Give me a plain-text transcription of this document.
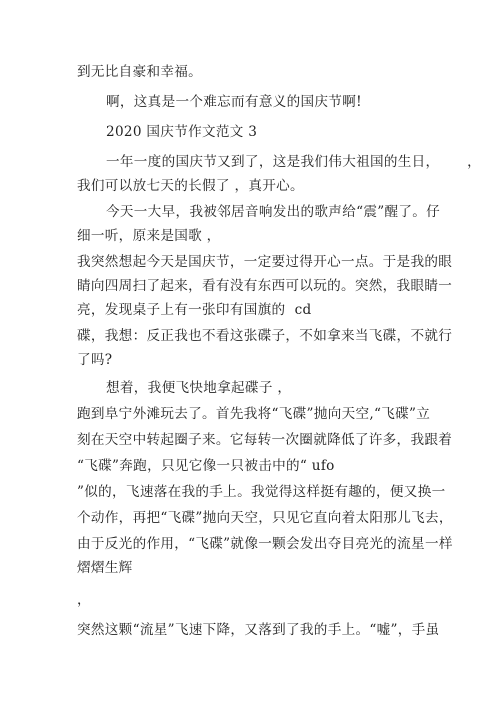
到无比自豪和幸福。
啊，这真是一个难忘而有意义的国庆节啊!
2020 国庆节作文范文 3
一年一度的国庆节又到了，这是我们伟大祖国的生日，      ，
我们可以放七天的长假了 ，真开心。
今天一大早，我被邻居音响发出的歌声给“震”醒了。仔
细一听，原来是国歌 ，
我突然想起今天是国庆节，一定要过得开心一点。于是我的眼
睛向四周扫了起来，看有没有东西可以玩的。突然，我眼睛一
亮，发现桌子上有一张印有国旗的  cd
碟，我想：反正我也不看这张碟子，不如拿来当飞碟，不就行
了吗?
想着，我便飞快地拿起碟子 ，
跑到阜宁外滩玩去了。首先我将“飞碟”抛向天空,“飞碟”立
刻在天空中转起圈子来。它每转一次圈就降低了许多，我跟着
“飞碟”奔跑，只见它像一只被击中的“ ufo
”似的，飞速落在我的手上。我觉得这样挺有趣的，便又换一
个动作，再把“飞碟”抛向天空，只见它直向着太阳那儿飞去，
由于反光的作用，“飞碟”就像一颗会发出夺目亮光的流星一样
熠熠生辉
，
突然这颗“流星”飞速下降，又落到了我的手上。“嘘”，手虽
